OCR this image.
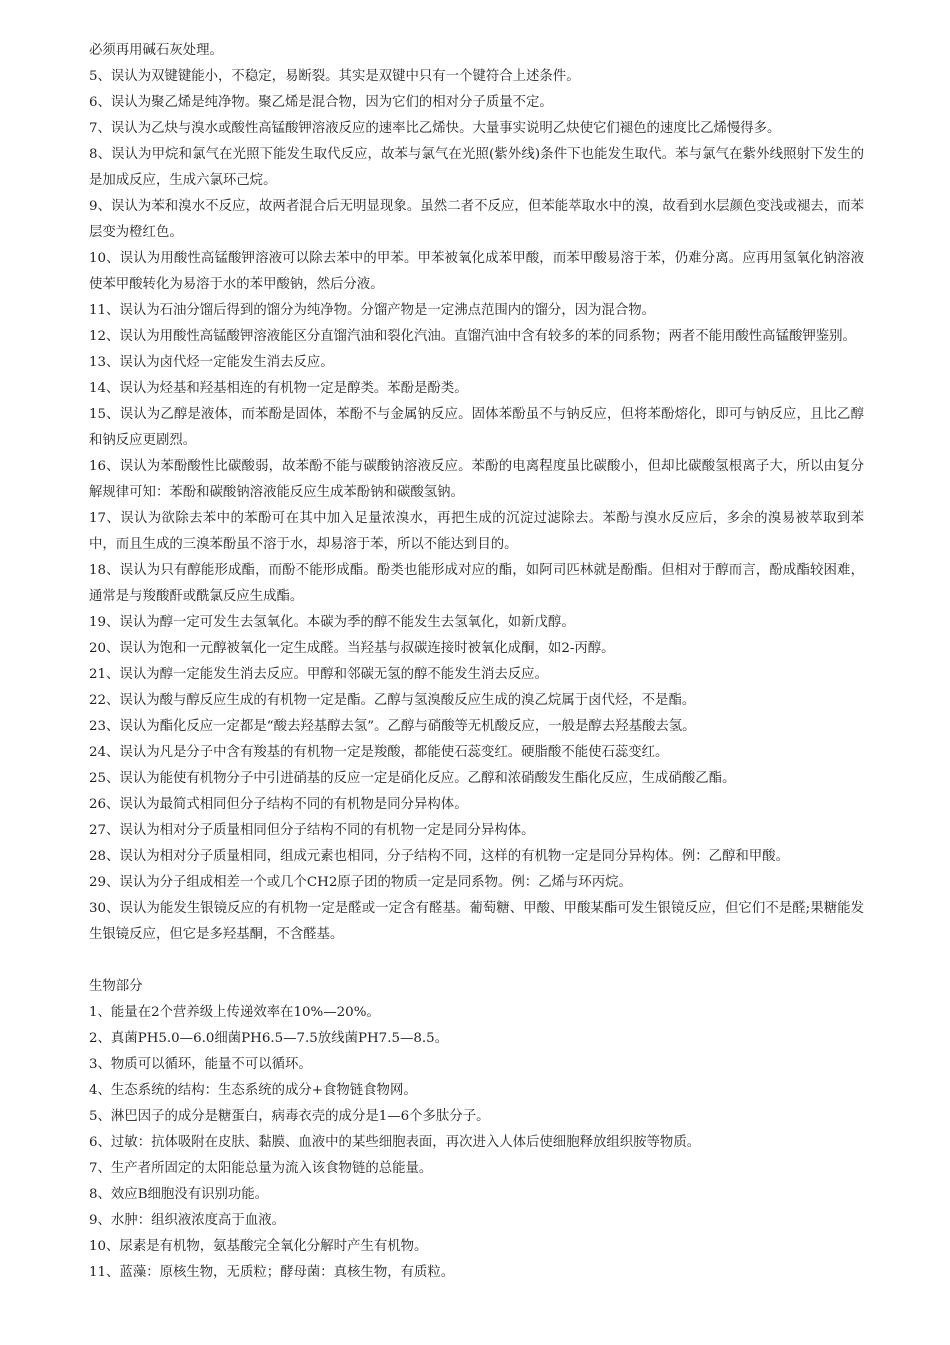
必须再用碱石灰处理。

5、误认为双键键能小，不稳定，易断裂。其实是双键中只有一个键符合上述条件。

6、误认为聚乙烯是纯净物。聚乙烯是混合物，因为它们的相对分子质量不定。

7、误认为乙炔与溴水或酸性高锰酸钾溶液反应的速率比乙烯快。大量事实说明乙炔使它们褪色的速度比乙烯慢得多。

8、误认为甲烷和氯气在光照下能发生取代反应，故苯与氯气在光照(紫外线)条件下也能发生取代。苯与氯气在紫外线照射下发生的是加成反应，生成六氯环己烷。

9、误认为苯和溴水不反应，故两者混合后无明显现象。虽然二者不反应，但苯能萃取水中的溴，故看到水层颜色变浅或褪去，而苯层变为橙红色。

10、误认为用酸性高锰酸钾溶液可以除去苯中的甲苯。甲苯被氧化成苯甲酸，而苯甲酸易溶于苯，仍难分离。应再用氢氧化钠溶液使苯甲酸转化为易溶于水的苯甲酸钠，然后分液。

11、误认为石油分馏后得到的馏分为纯净物。分馏产物是一定沸点范围内的馏分，因为混合物。

12、误认为用酸性高锰酸钾溶液能区分直馏汽油和裂化汽油。直馏汽油中含有较多的苯的同系物；两者不能用酸性高锰酸钾鉴别。

13、误认为卤代烃一定能发生消去反应。

14、误认为烃基和羟基相连的有机物一定是醇类。苯酚是酚类。

15、误认为乙醇是液体，而苯酚是固体，苯酚不与金属钠反应。固体苯酚虽不与钠反应，但将苯酚熔化，即可与钠反应，且比乙醇和钠反应更剧烈。

16、误认为苯酚酸性比碳酸弱，故苯酚不能与碳酸钠溶液反应。苯酚的电离程度虽比碳酸小，但却比碳酸氢根离子大，所以由复分解规律可知：苯酚和碳酸钠溶液能反应生成苯酚钠和碳酸氢钠。

17、误认为欲除去苯中的苯酚可在其中加入足量浓溴水，再把生成的沉淀过滤除去。苯酚与溴水反应后，多余的溴易被萃取到苯中，而且生成的三溴苯酚虽不溶于水，却易溶于苯，所以不能达到目的。

18、误认为只有醇能形成酯，而酚不能形成酯。酚类也能形成对应的酯，如阿司匹林就是酚酯。但相对于醇而言，酚成酯较困难，通常是与羧酸酐或酰氯反应生成酯。

19、误认为醇一定可发生去氢氧化。本碳为季的醇不能发生去氢氧化，如新戊醇。

20、误认为饱和一元醇被氧化一定生成醛。当羟基与叔碳连接时被氧化成酮，如2-丙醇。

21、误认为醇一定能发生消去反应。甲醇和邻碳无氢的醇不能发生消去反应。

22、误认为酸与醇反应生成的有机物一定是酯。乙醇与氢溴酸反应生成的溴乙烷属于卤代烃，不是酯。

23、误认为酯化反应一定都是“酸去羟基醇去氢”。乙醇与硝酸等无机酸反应，一般是醇去羟基酸去氢。

24、误认为凡是分子中含有羧基的有机物一定是羧酸，都能使石蕊变红。硬脂酸不能使石蕊变红。

25、误认为能使有机物分子中引进硝基的反应一定是硝化反应。乙醇和浓硝酸发生酯化反应，生成硝酸乙酯。

26、误认为最简式相同但分子结构不同的有机物是同分异构体。

27、误认为相对分子质量相同但分子结构不同的有机物一定是同分异构体。

28、误认为相对分子质量相同，组成元素也相同，分子结构不同，这样的有机物一定是同分异构体。例：乙醇和甲酸。

29、误认为分子组成相差一个或几个CH2原子团的物质一定是同系物。例：乙烯与环丙烷。

30、误认为能发生银镜反应的有机物一定是醛或一定含有醛基。葡萄糖、甲酸、甲酸某酯可发生银镜反应，但它们不是醛;果糖能发生银镜反应，但它是多羟基酮，不含醛基。

生物部分

1、能量在2个营养级上传递效率在10%—20%。

2、真菌PH5.0—6.0细菌PH6.5—7.5放线菌PH7.5—8.5。

3、物质可以循环，能量不可以循环。

4、生态系统的结构：生态系统的成分+食物链食物网。

5、淋巴因子的成分是糖蛋白，病毒衣壳的成分是1—6个多肽分子。

6、过敏：抗体吸附在皮肤、黏膜、血液中的某些细胞表面，再次进入人体后使细胞释放组织胺等物质。

7、生产者所固定的太阳能总量为流入该食物链的总能量。

8、效应B细胞没有识别功能。

9、水肿：组织液浓度高于血液。

10、尿素是有机物，氨基酸完全氧化分解时产生有机物。

11、蓝藻：原核生物，无质粒；酵母菌：真核生物，有质粒。
